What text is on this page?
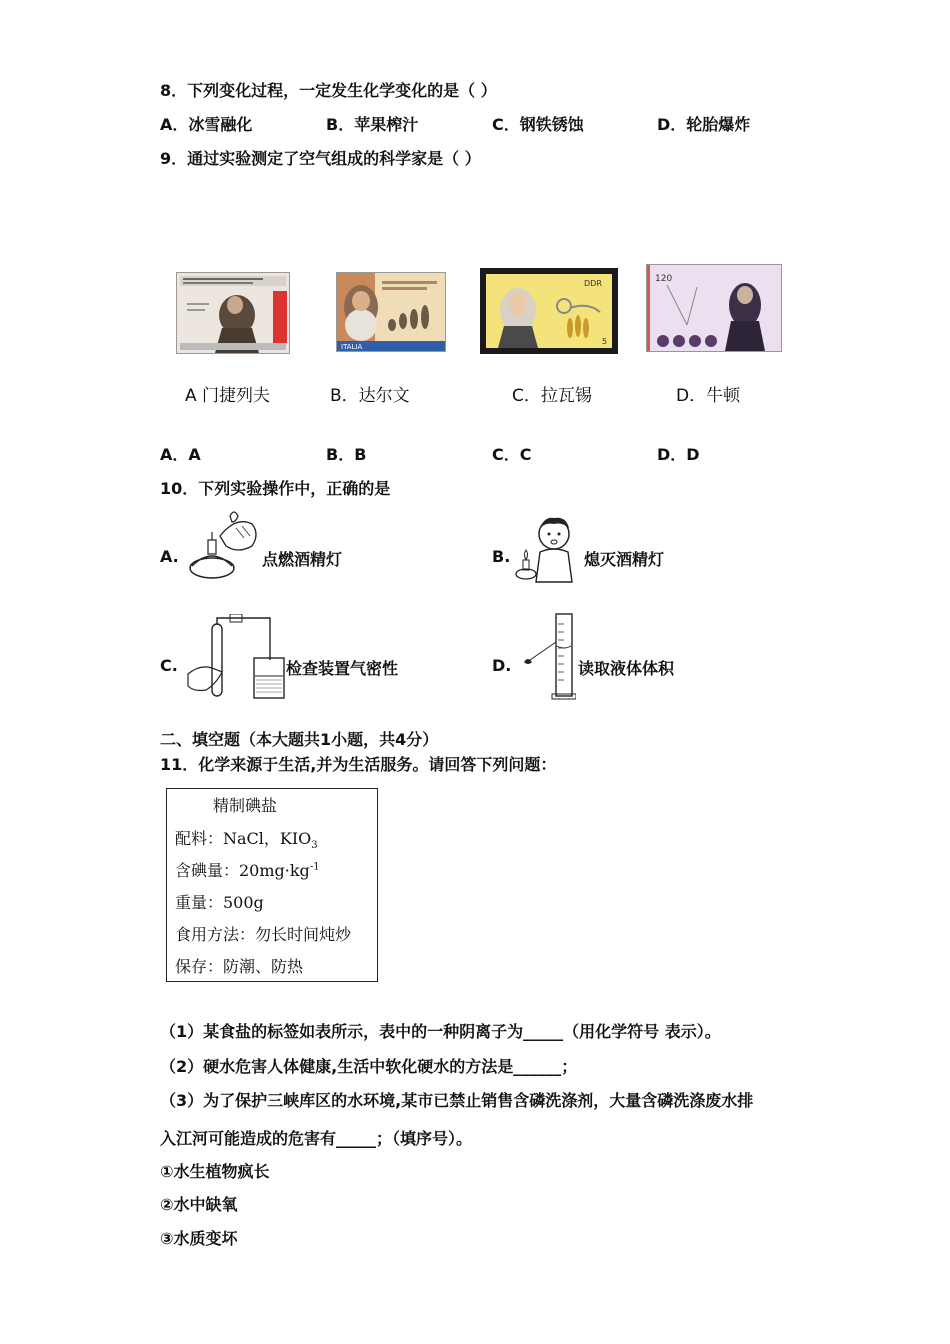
8．下列变化过程，一定发生化学变化的是（ ）
A．冰雪融化	B．苹果榨汁	C．钢铁锈蚀	D．轮胎爆炸
9．通过实验测定了空气组成的科学家是（ ）
ITALIA
DDR
5
120
A 门捷列夫	B．达尔文	C．拉瓦锡	D．牛顿
A．A	B．B	C．C	D．D
10．下列实验操作中，正确的是
A.	点燃酒精灯	B.	熄灭酒精灯
C.	检查装置气密性	D.	读取液体体积
二、填空题（本大题共1小题，共4分）
11．化学来源于生活,并为生活服务。请回答下列问题：
精制碘盐
配料：NaCl，$KIO_3$
含碘量：$20mg\cdot kg^{-1}$
重量：500g
食用方法：勿长时间炖炒
保存：防潮、防热
（1）某食盐的标签如表所示，表中的一种阴离子为_____（用化学符号 表示）。
（2）硬水危害人体健康,生活中软化硬水的方法是______；
（3）为了保护三峡库区的水环境,某市已禁止销售含磷洗涤剂，大量含磷洗涤废水排
入江河可能造成的危害有_____；（填序号）。
①水生植物疯长
②水中缺氧
③水质变坏
